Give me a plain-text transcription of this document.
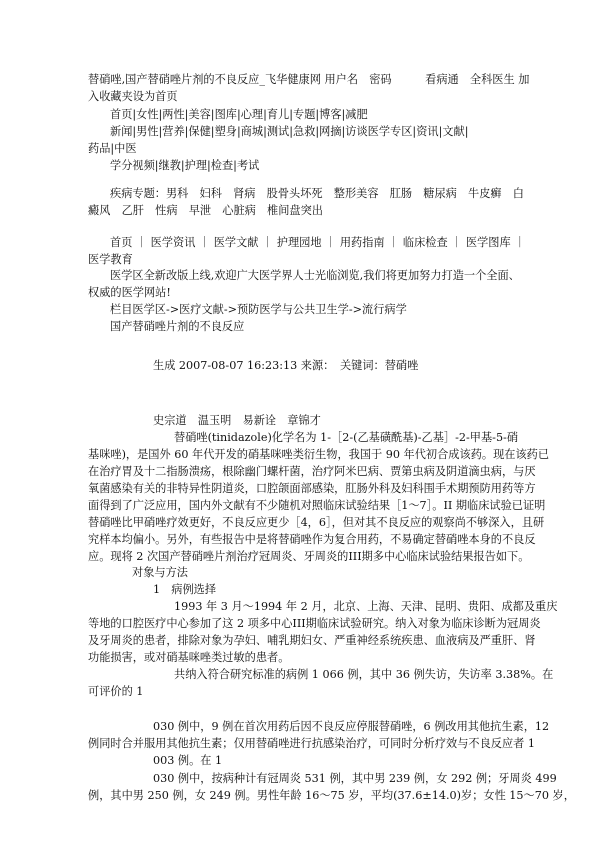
替硝唑,国产替硝唑片剂的不良反应_飞华健康网 用户名　密码　　　看病通　全科医生 加
入收藏夹设为首页
首页|女性|两性|美容|图库|心理|育儿|专题|博客|减肥
新闻|男性|营养|保健|塑身|商城|测试|急救|网摘|访谈医学专区|资讯|文献|
药品|中医
学分视频|继教|护理|检查|考试
疾病专题：男科　妇科　肾病　股骨头坏死　整形美容　肛肠　糖尿病　牛皮癣　白
癜风　乙肝　性病　早泄　心脏病　椎间盘突出
首页 ｜ 医学资讯 ｜ 医学文献 ｜ 护理园地 ｜ 用药指南 ｜ 临床检查 ｜ 医学图库 ｜
医学教育
医学区全新改版上线,欢迎广大医学界人士光临浏览,我们将更加努力打造一个全面、
权威的医学网站!
栏目医学区->医疗文献->预防医学与公共卫生学->流行病学
国产替硝唑片剂的不良反应
生成 2007-08-07 16:23:13 来源：　关键词：替硝唑
史宗道　温玉明　易新诠　章锦才
替硝唑(tinidazole)化学名为 1-［2-(乙基磺酰基)-乙基］-2-甲基-5-硝
基咪唑)，是国外 60 年代开发的硝基咪唑类衍生物，我国于 90 年代初合成该药。现在该药已
在治疗胃及十二指肠溃疡，根除幽门螺杆菌，治疗阿米巴病、贾第虫病及阴道滴虫病，与厌
氧菌感染有关的非特异性阴道炎，口腔颌面部感染，肛肠外科及妇科围手术期预防用药等方
面得到了广泛应用，国内外文献有不少随机对照临床试验结果［1～7］。II 期临床试验已证明
替硝唑比甲硝唑疗效更好，不良反应更少［4，6］，但对其不良反应的观察尚不够深入，且研
究样本均偏小。另外，有些报告中是将替硝唑作为复合用药，不易确定替硝唑本身的不良反
应。现将 2 次国产替硝唑片剂治疗冠周炎、牙周炎的III期多中心临床试验结果报告如下。
对象与方法
1　病例选择
1993 年 3 月～1994 年 2 月，北京、上海、天津、昆明、贵阳、成都及重庆
等地的口腔医疗中心参加了这 2 项多中心III期临床试验研究。纳入对象为临床诊断为冠周炎
及牙周炎的患者，排除对象为孕妇、哺乳期妇女、严重神经系统疾患、血液病及严重肝、肾
功能损害，或对硝基咪唑类过敏的患者。
共纳入符合研究标准的病例 1 066 例，其中 36 例失访，失访率 3.38%。在
可评价的 1
030 例中，9 例在首次用药后因不良反应停服替硝唑，6 例改用其他抗生素，12
例同时合并服用其他抗生素；仅用替硝唑进行抗感染治疗，可同时分析疗效与不良反应者 1
003 例。在 1
030 例中，按病种计有冠周炎 531 例，其中男 239 例，女 292 例；牙周炎 499
例，其中男 250 例，女 249 例。男性年龄 16～75 岁，平均(37.6±14.0)岁；女性 15～70 岁，
